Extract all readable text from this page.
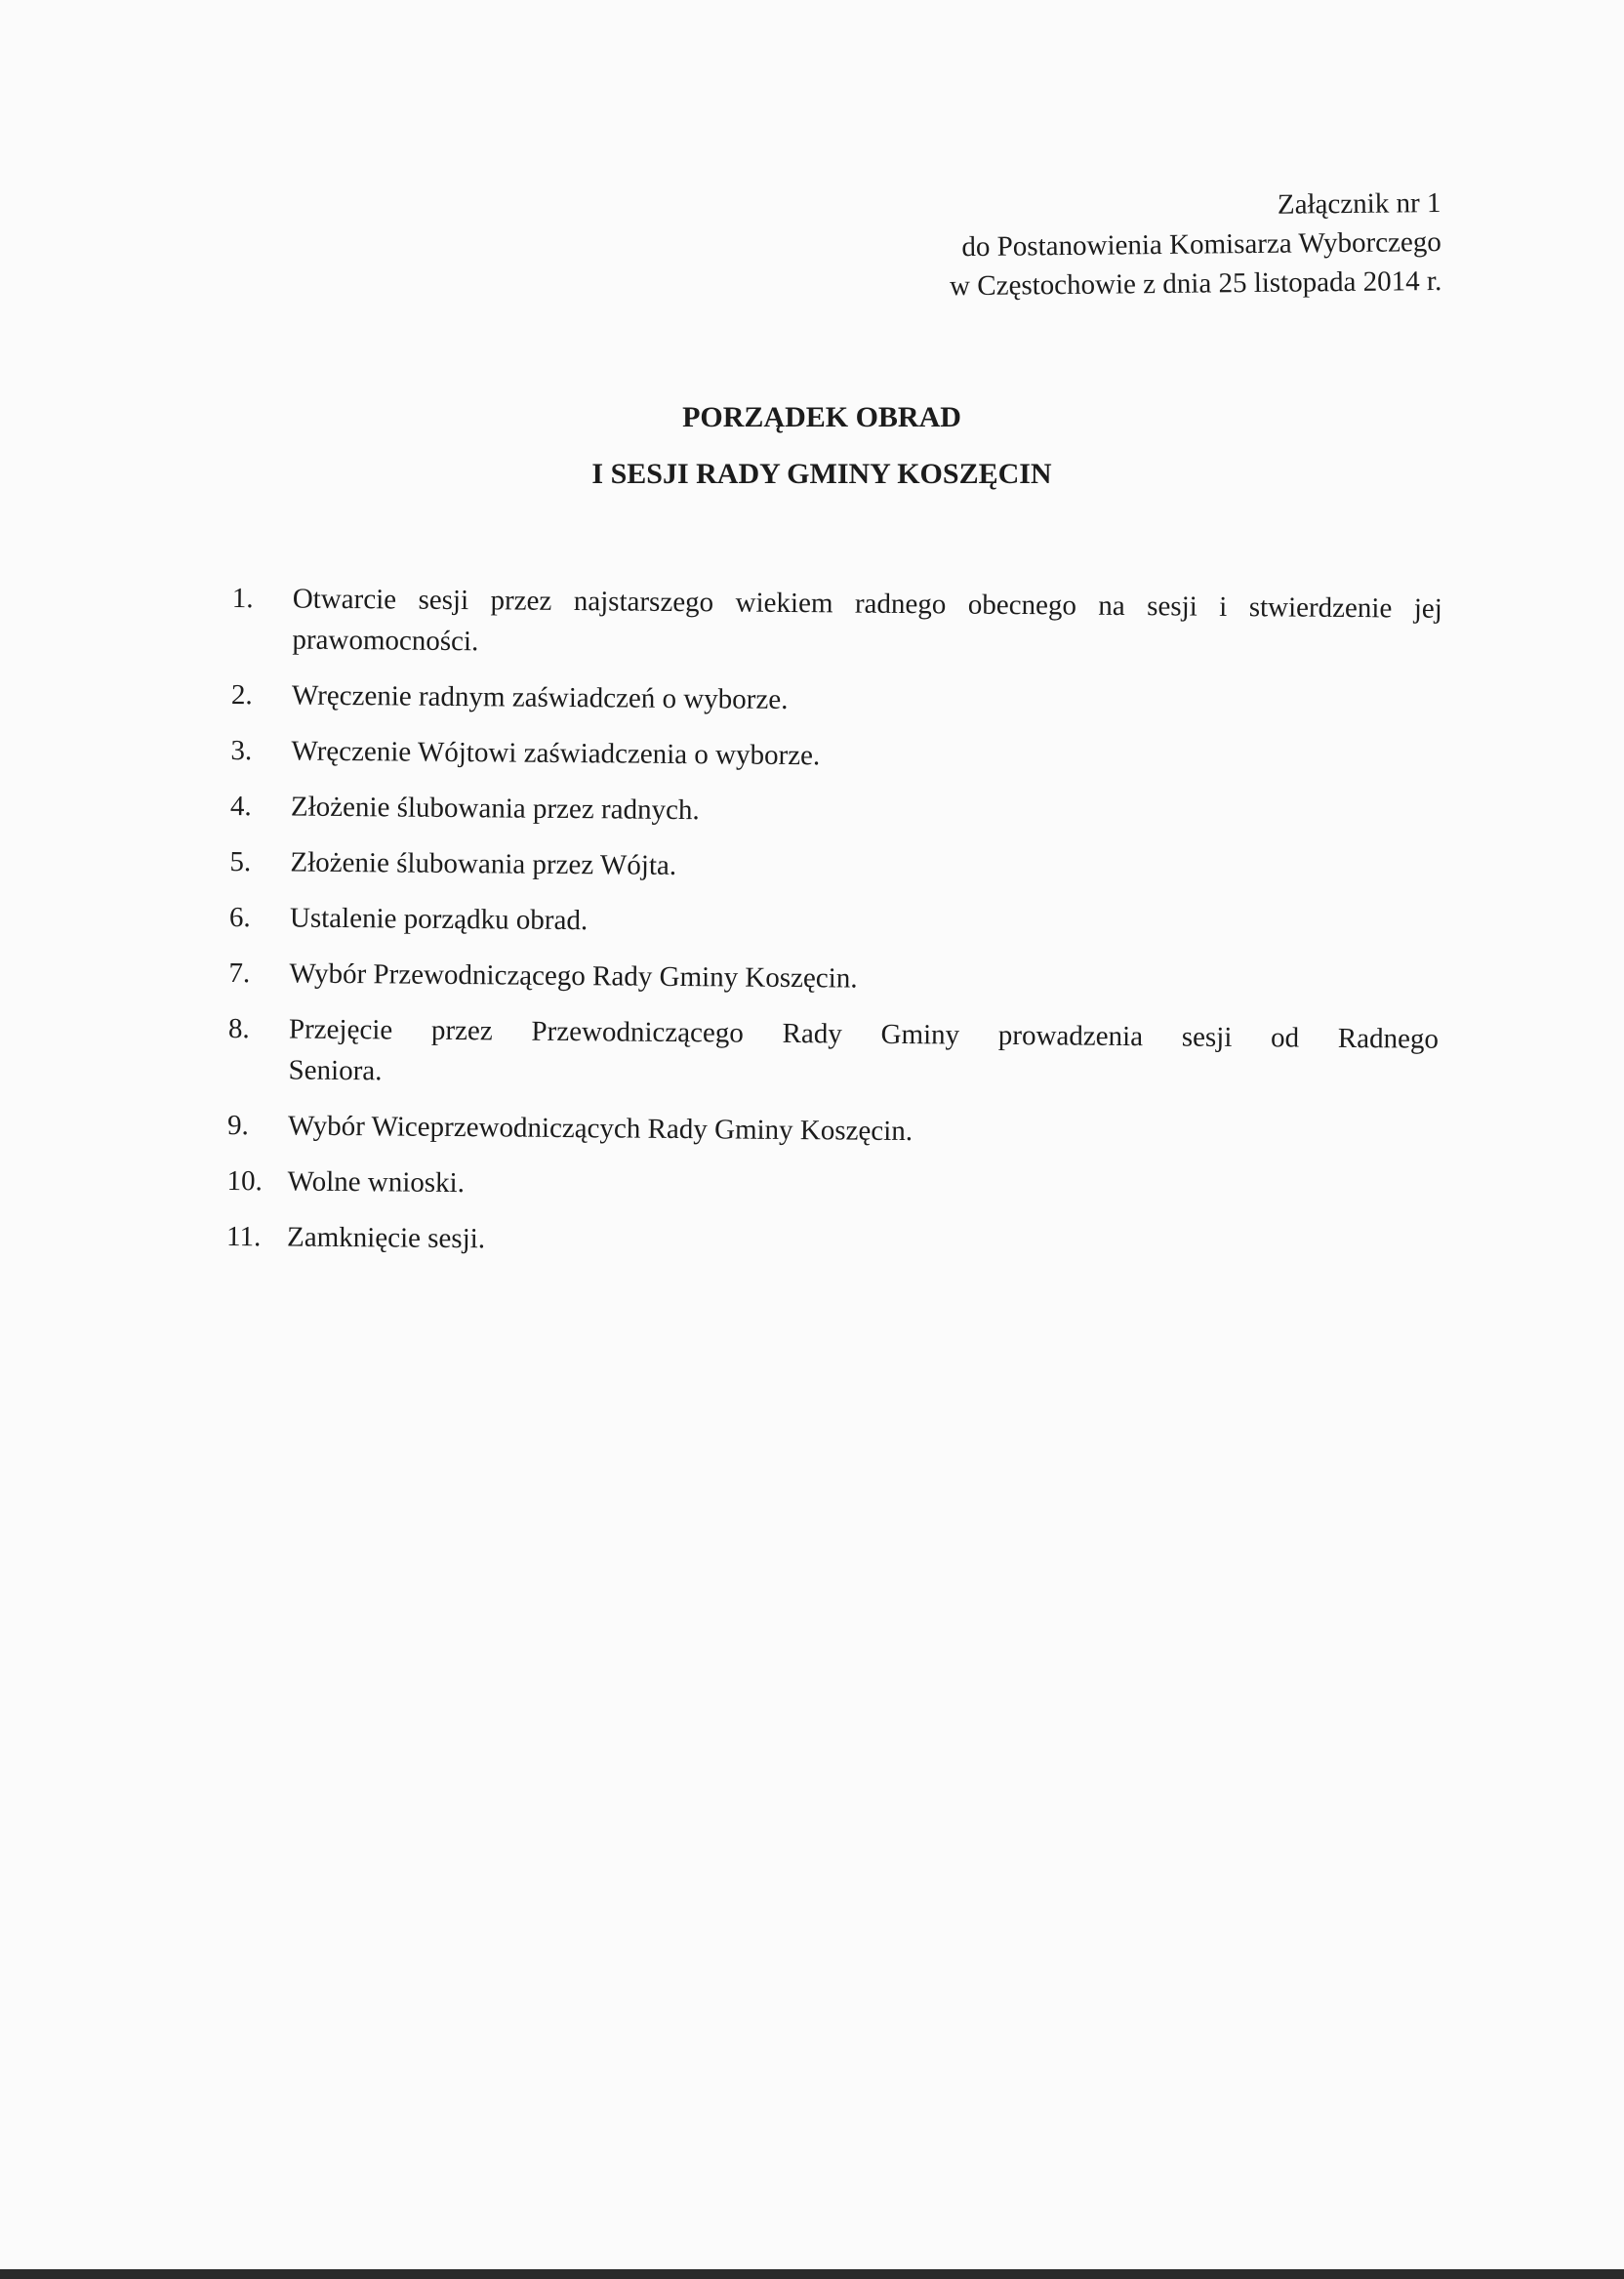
Załącznik nr 1
do Postanowienia Komisarza Wyborczego
w Częstochowie z dnia 25 listopada 2014 r.
PORZĄDEK OBRAD
I SESJI RADY GMINY KOSZĘCIN
1.	Otwarcie sesji przez najstarszego wiekiem radnego obecnego na sesji i stwierdzenie jej
prawomocności.
2.	Wręczenie radnym zaświadczeń o wyborze.
3.	Wręczenie Wójtowi zaświadczenia o wyborze.
4.	Złożenie ślubowania przez radnych.
5.	Złożenie ślubowania przez Wójta.
6.	Ustalenie porządku obrad.
7.	Wybór Przewodniczącego Rady Gminy Koszęcin.
8.	Przejęcie przez Przewodniczącego Rady Gminy prowadzenia sesji od Radnego
Seniora.
9.	Wybór Wiceprzewodniczących Rady Gminy Koszęcin.
10. Wolne wnioski.
11. Zamknięcie sesji.
